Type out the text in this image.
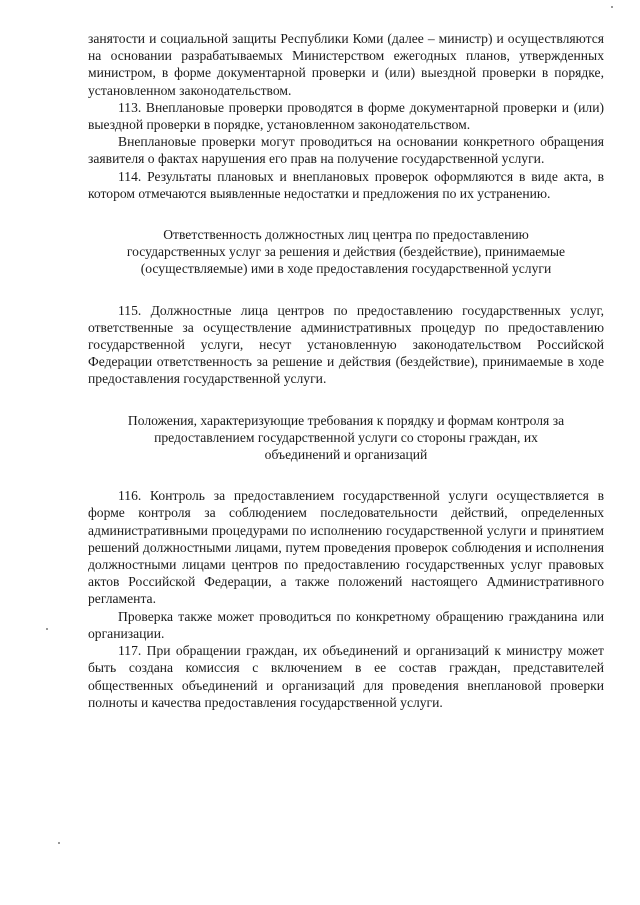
занятости и социальной защиты Республики Коми (далее – министр) и осуществляются на основании разрабатываемых Министерством ежегодных планов, утвержденных министром, в форме документарной проверки и (или) выездной проверки в порядке, установленном законодательством.

113. Внеплановые проверки проводятся в форме документарной проверки и (или) выездной проверки в порядке, установленном законодательством.

Внеплановые проверки могут проводиться на основании конкретного обращения заявителя о фактах нарушения его прав на получение государственной услуги.

114. Результаты плановых и внеплановых проверок оформляются в виде акта, в котором отмечаются выявленные недостатки и предложения по их устранению.

Ответственность должностных лиц центра по предоставлению государственных услуг за решения и действия (бездействие), принимаемые (осуществляемые) ими в ходе предоставления государственной услуги

115. Должностные лица центров по предоставлению государственных услуг, ответственные за осуществление административных процедур по предоставлению государственной услуги, несут установленную законодательством Российской Федерации ответственность за решение и действия (бездействие), принимаемые в ходе предоставления государственной услуги.

Положения, характеризующие требования к порядку и формам контроля за предоставлением государственной услуги со стороны граждан, их объединений и организаций

116. Контроль за предоставлением государственной услуги осуществляется в форме контроля за соблюдением последовательности действий, определенных административными процедурами по исполнению государственной услуги и принятием решений должностными лицами, путем проведения проверок соблюдения и исполнения должностными лицами центров по предоставлению государственных услуг правовых актов Российской Федерации, а также положений настоящего Административного регламента.

Проверка также может проводиться по конкретному обращению гражданина или организации.

117. При обращении граждан, их объединений и организаций к министру может быть создана комиссия с включением в ее состав граждан, представителей общественных объединений и организаций для проведения внеплановой проверки полноты и качества предоставления государственной услуги.
